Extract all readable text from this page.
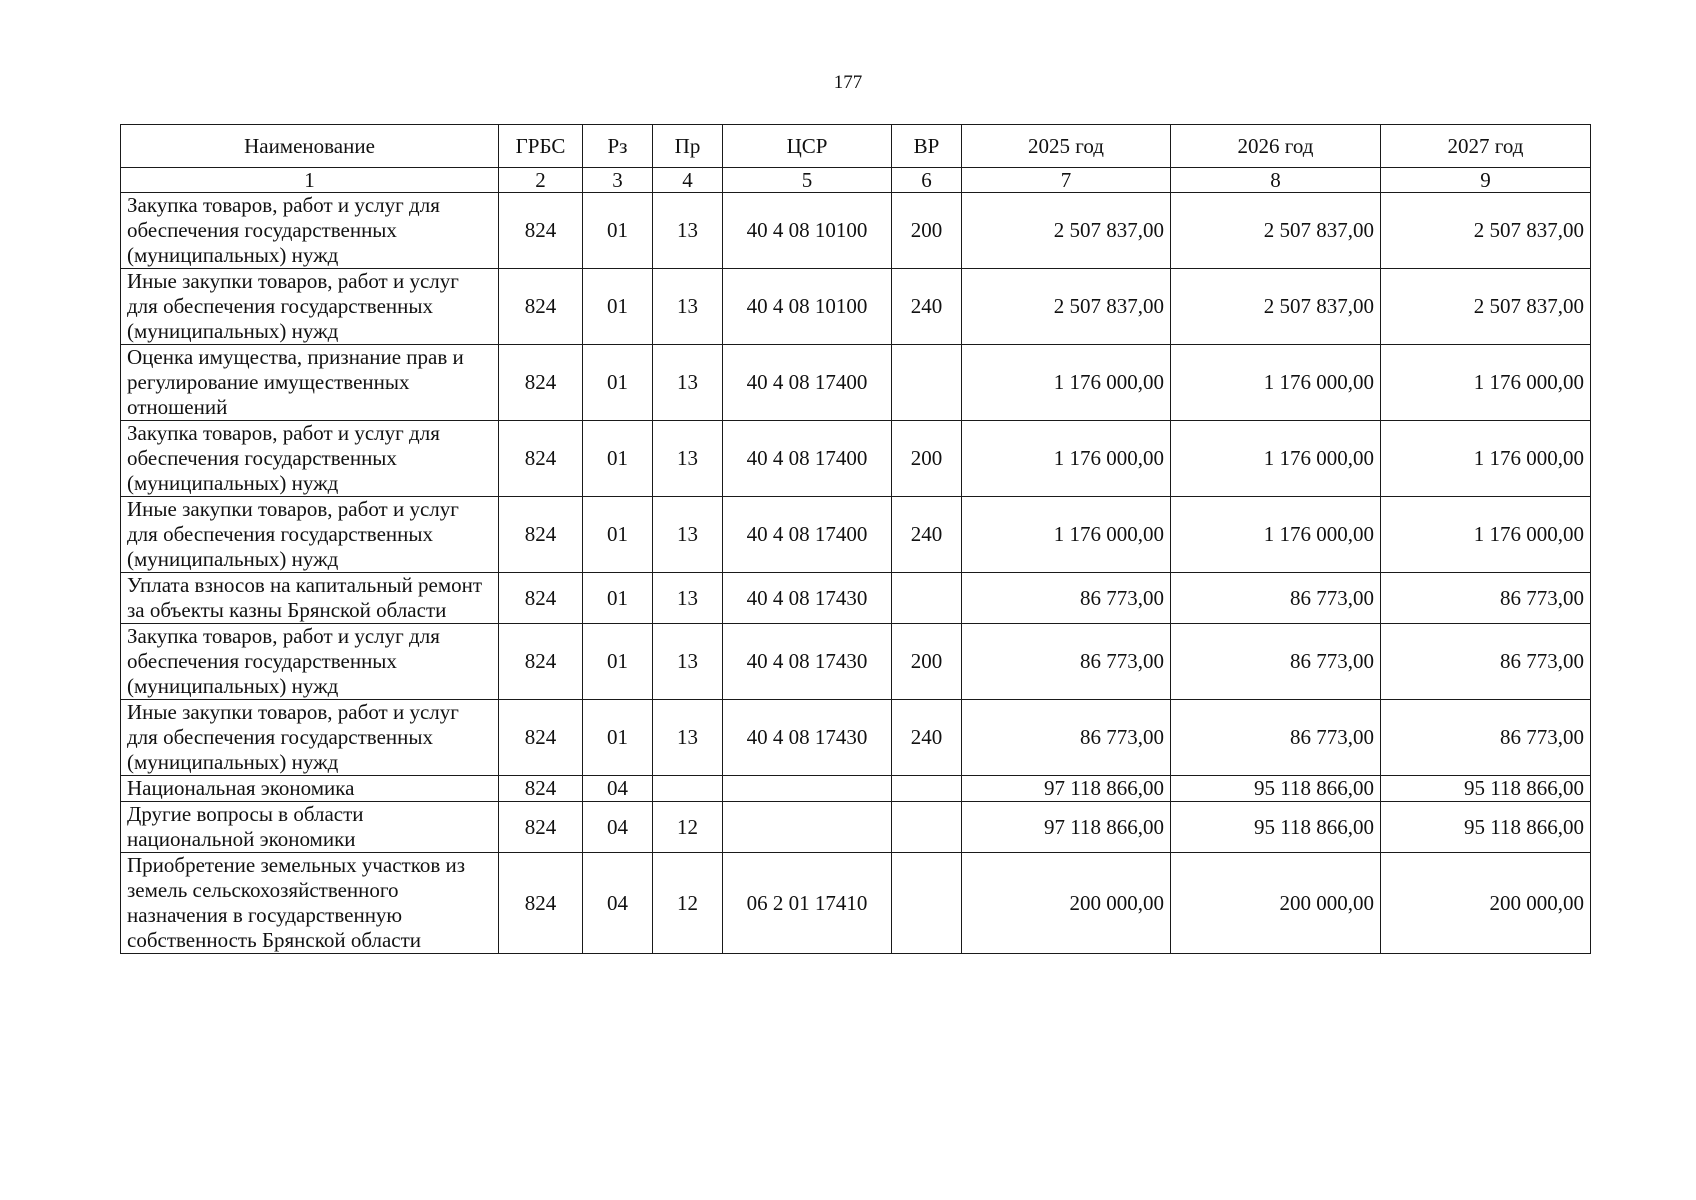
177
Наименование	ГРБС	Рз	Пр	ЦСР	ВР	2025 год	2026 год	2027 год
1	2	3	4	5	6	7	8	9
Закупка товаров, работ и услуг для обеспечения государственных (муниципальных) нужд	824	01	13	40 4 08 10100	200	2 507 837,00	2 507 837,00	2 507 837,00
Иные закупки товаров, работ и услуг для обеспечения государственных (муниципальных) нужд	824	01	13	40 4 08 10100	240	2 507 837,00	2 507 837,00	2 507 837,00
Оценка имущества, признание прав и регулирование имущественных отношений	824	01	13	40 4 08 17400		1 176 000,00	1 176 000,00	1 176 000,00
Закупка товаров, работ и услуг для обеспечения государственных (муниципальных) нужд	824	01	13	40 4 08 17400	200	1 176 000,00	1 176 000,00	1 176 000,00
Иные закупки товаров, работ и услуг для обеспечения государственных (муниципальных) нужд	824	01	13	40 4 08 17400	240	1 176 000,00	1 176 000,00	1 176 000,00
Уплата взносов на капитальный ремонт за объекты казны Брянской области	824	01	13	40 4 08 17430		86 773,00	86 773,00	86 773,00
Закупка товаров, работ и услуг для обеспечения государственных (муниципальных) нужд	824	01	13	40 4 08 17430	200	86 773,00	86 773,00	86 773,00
Иные закупки товаров, работ и услуг для обеспечения государственных (муниципальных) нужд	824	01	13	40 4 08 17430	240	86 773,00	86 773,00	86 773,00
Национальная экономика	824	04				97 118 866,00	95 118 866,00	95 118 866,00
Другие вопросы в области национальной экономики	824	04	12			97 118 866,00	95 118 866,00	95 118 866,00
Приобретение земельных участков из земель сельскохозяйственного назначения в государственную собственность Брянской области	824	04	12	06 2 01 17410		200 000,00	200 000,00	200 000,00
